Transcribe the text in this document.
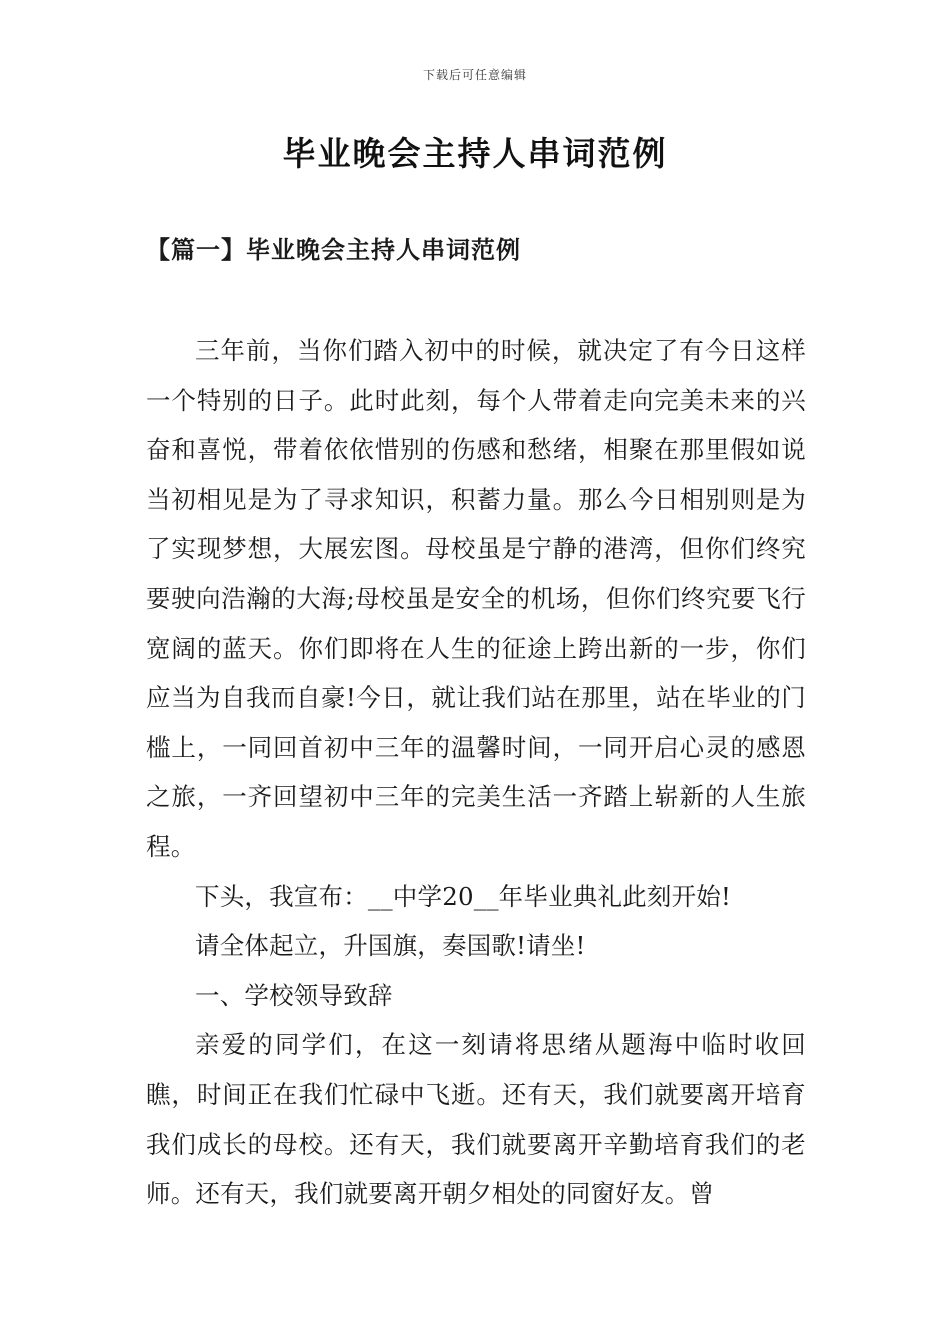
下载后可任意编辑
毕业晚会主持人串词范例
【篇一】毕业晚会主持人串词范例

三年前，当你们踏入初中的时候，就决定了有今日这样一个特别的日子。此时此刻，每个人带着走向完美未来的兴奋和喜悦，带着依依惜别的伤感和愁绪，相聚在那里假如说当初相见是为了寻求知识，积蓄力量。那么今日相别则是为了实现梦想，大展宏图。母校虽是宁静的港湾，但你们终究要驶向浩瀚的大海;母校虽是安全的机场，但你们终究要飞行宽阔的蓝天。你们即将在人生的征途上跨出新的一步，你们应当为自我而自豪!今日，就让我们站在那里，站在毕业的门槛上，一同回首初中三年的温馨时间，一同开启心灵的感恩之旅，一齐回望初中三年的完美生活一齐踏上崭新的人生旅程。

下头，我宣布：__中学20__年毕业典礼此刻开始!

请全体起立，升国旗，奏国歌!请坐!

一、学校领导致辞

亲爱的同学们，在这一刻请将思绪从题海中临时收回瞧，时间正在我们忙碌中飞逝。还有天，我们就要离开培育我们成长的母校。还有天，我们就要离开辛勤培育我们的老师。还有天，我们就要离开朝夕相处的同窗好友。曾
